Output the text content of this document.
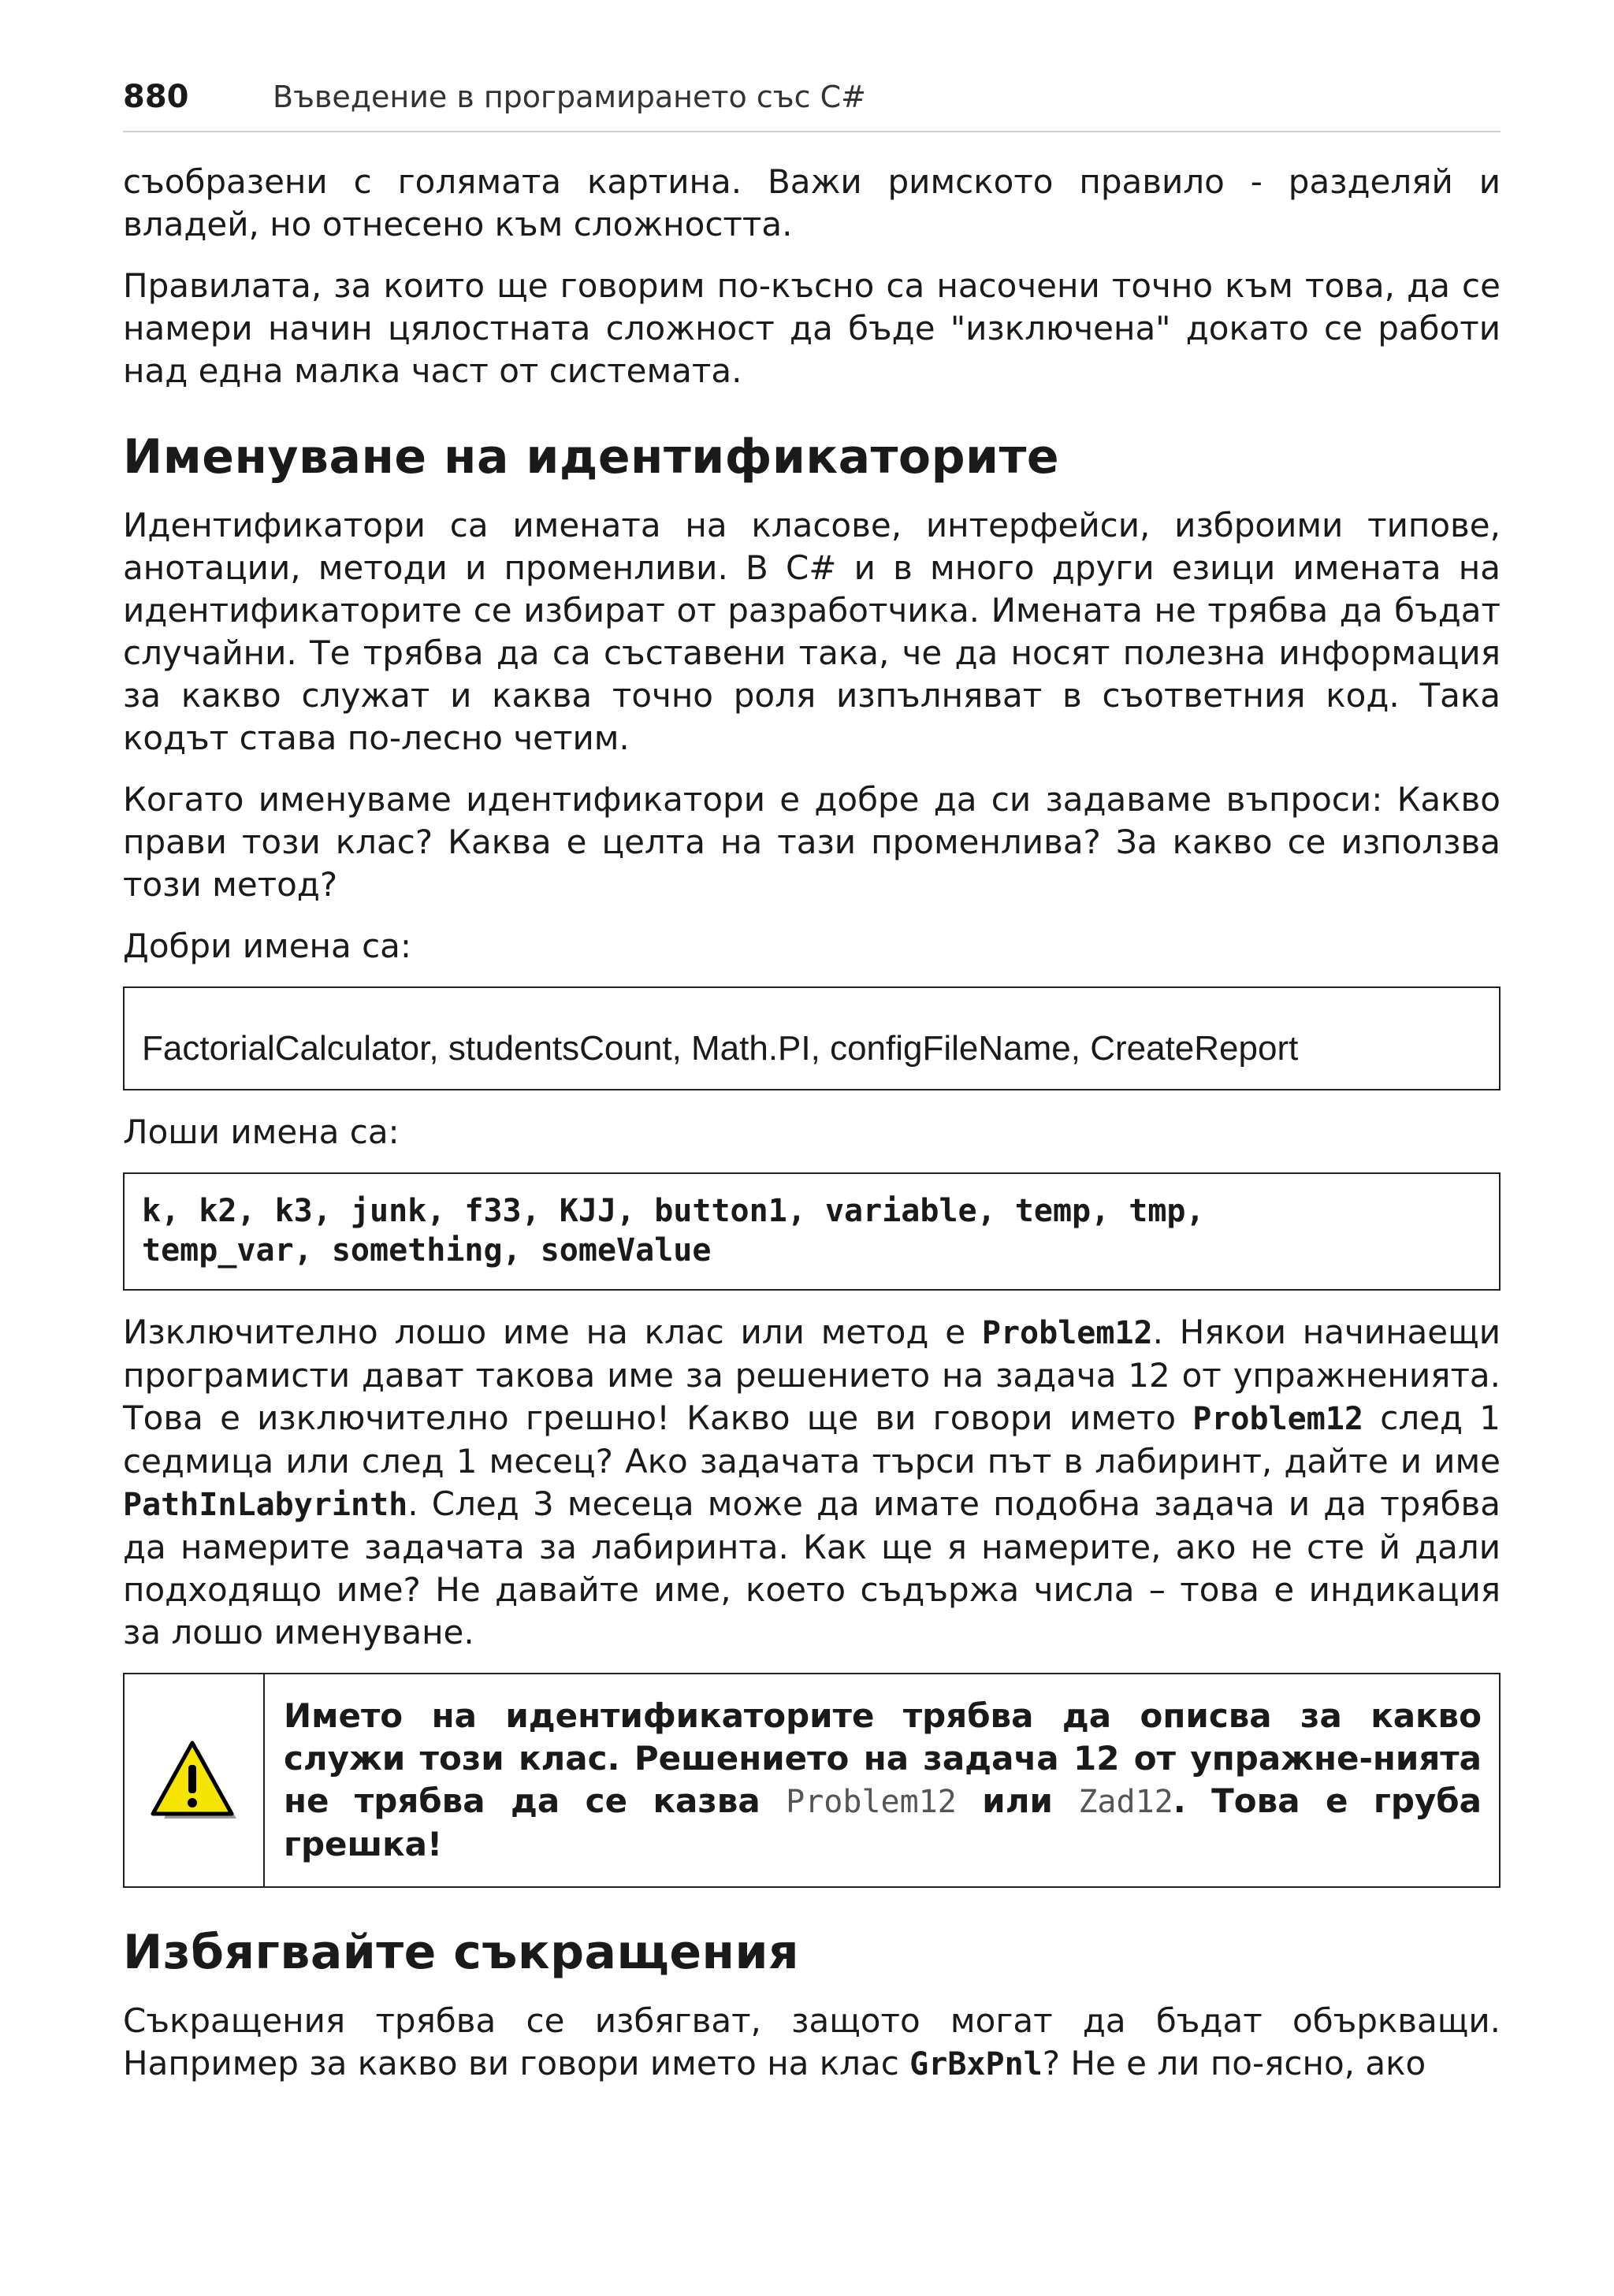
880	Въведение в програмирането със C#

съобразени с голямата картина. Важи римското правило - разделяй и владей, но отнесено към сложността.

Правилата, за които ще говорим по-късно са насочени точно към това, да се намери начин цялостната сложност да бъде "изключена" докато се работи над една малка част от системата.

Именуване на идентификаторите

Идентификатори са имената на класове, интерфейси, изброими типове, анотации, методи и променливи. В C# и в много други езици имената на идентификаторите се избират от разработчика. Имената не трябва да бъдат случайни. Те трябва да са съставени така, че да носят полезна информация за какво служат и каква точно роля изпълняват в съответния код. Така кодът става по-лесно четим.

Когато именуваме идентификатори е добре да си задаваме въпроси: Какво прави този клас? Каква е целта на тази променлива? За какво се използва този метод?

Добри имена са:

FactorialCalculator, studentsCount, Math.PI, configFileName, CreateReport

Лоши имена са:

k, k2, k3, junk, f33, KJJ, button1, variable, temp, tmp,
temp_var, something, someValue

Изключително лошо име на клас или метод е Problem12. Някои начинаещи програмисти дават такова име за решението на задача 12 от упражненията. Това е изключително грешно! Какво ще ви говори името Problem12 след 1 седмица или след 1 месец? Ако задачата търси път в лабиринт, дайте и име PathInLabyrinth. След 3 месеца може да имате подобна задача и да трябва да намерите задачата за лабиринта. Как ще я намерите, ако не сте й дали подходящо име? Не давайте име, което съдържа числа – това е индикация за лошо именуване.

Името на идентификаторите трябва да описва за какво служи този клас. Решението на задача 12 от упражне-нията не трябва да се казва Problem12 или Zad12. Това е груба грешка!
Избягвайте съкращения

Съкращения трябва се избягват, защото могат да бъдат объркващи. Например за какво ви говори името на клас GrBxPnl? Не е ли по-ясно, ако
